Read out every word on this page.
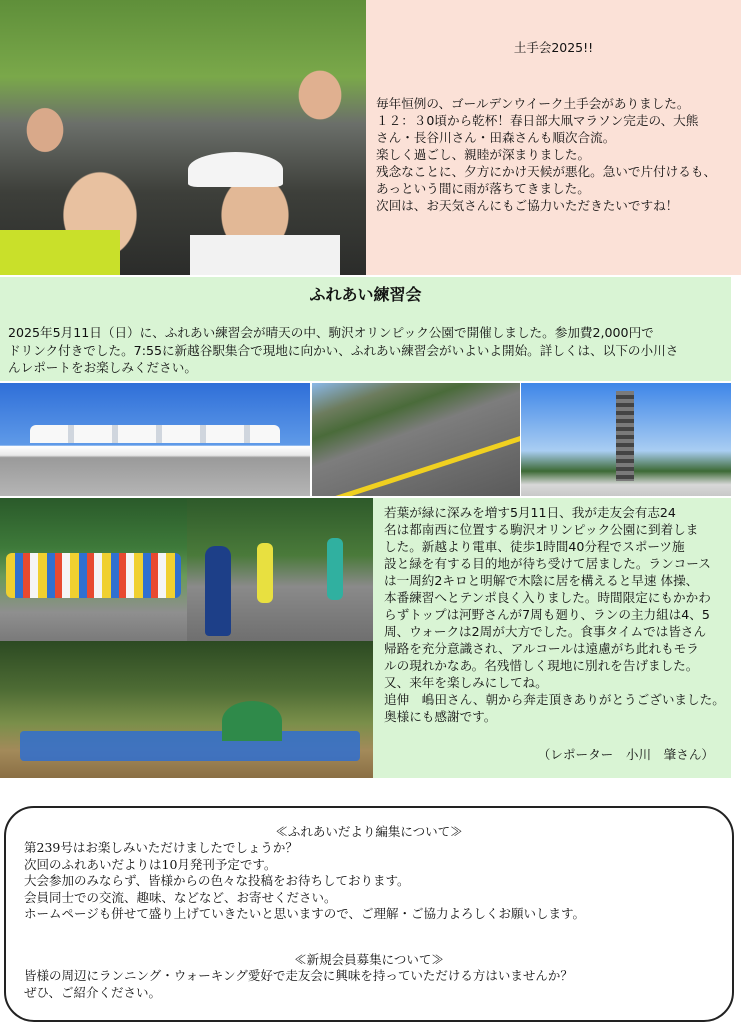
土手会2025!!
毎年恒例の、ゴールデンウイーク土手会がありました。
１２：３0頃から乾杯！春日部大凧マラソン完走の、大熊
さん・長谷川さん・田森さんも順次合流。
楽しく過ごし、親睦が深まりました。
残念なことに、夕方にかけ天候が悪化。急いで片付けるも、
あっという間に雨が落ちてきました。
次回は、お天気さんにもご協力いただきたいですね！
ふれあい練習会
2025年5月11日（日）に、ふれあい練習会が晴天の中、駒沢オリンピック公園で開催しました。参加費2,000円で
ドリンク付きでした。7:55に新越谷駅集合で現地に向かい、ふれあい練習会がいよいよ開始。詳しくは、以下の小川さ
んレポートをお楽しみください。
若葉が緑に深みを増す5月11日、我が走友会有志24
名は都南西に位置する駒沢オリンピック公園に到着しま
した。新越より電車、徒歩1時間40分程でスポーツ施
設と緑を有する目的地が待ち受けて居ました。ランコース
は一周約2キロと明解で木陰に居を構えると早速 体操、
本番練習へとテンポ良く入りました。時間限定にもかかわ
らずトップは河野さんが7周も廻り、ランの主力組は4、5
周、ウォークは2周が大方でした。食事タイムでは皆さん
帰路を充分意識され、アルコールは遠慮がち此れもモラ
ルの現れかなあ。名残惜しく現地に別れを告げました。
又、来年を楽しみにしてね。
追伸　嶋田さん、朝から奔走頂きありがとうございました。
奥様にも感謝です。
（レポーター　小川　肇さん）
≪ふれあいだより編集について≫
第239号はお楽しみいただけましたでしょうか？
次回のふれあいだよりは10月発刊予定です。
大会参加のみならず、皆様からの色々な投稿をお待ちしております。
会員同士での交流、趣味、などなど、お寄せください。
ホームページも併せて盛り上げていきたいと思いますので、ご理解・ご協力よろしくお願いします。
≪新規会員募集について≫
皆様の周辺にランニング・ウォーキング愛好で走友会に興味を持っていただける方はいませんか？
ぜひ、ご紹介ください。
